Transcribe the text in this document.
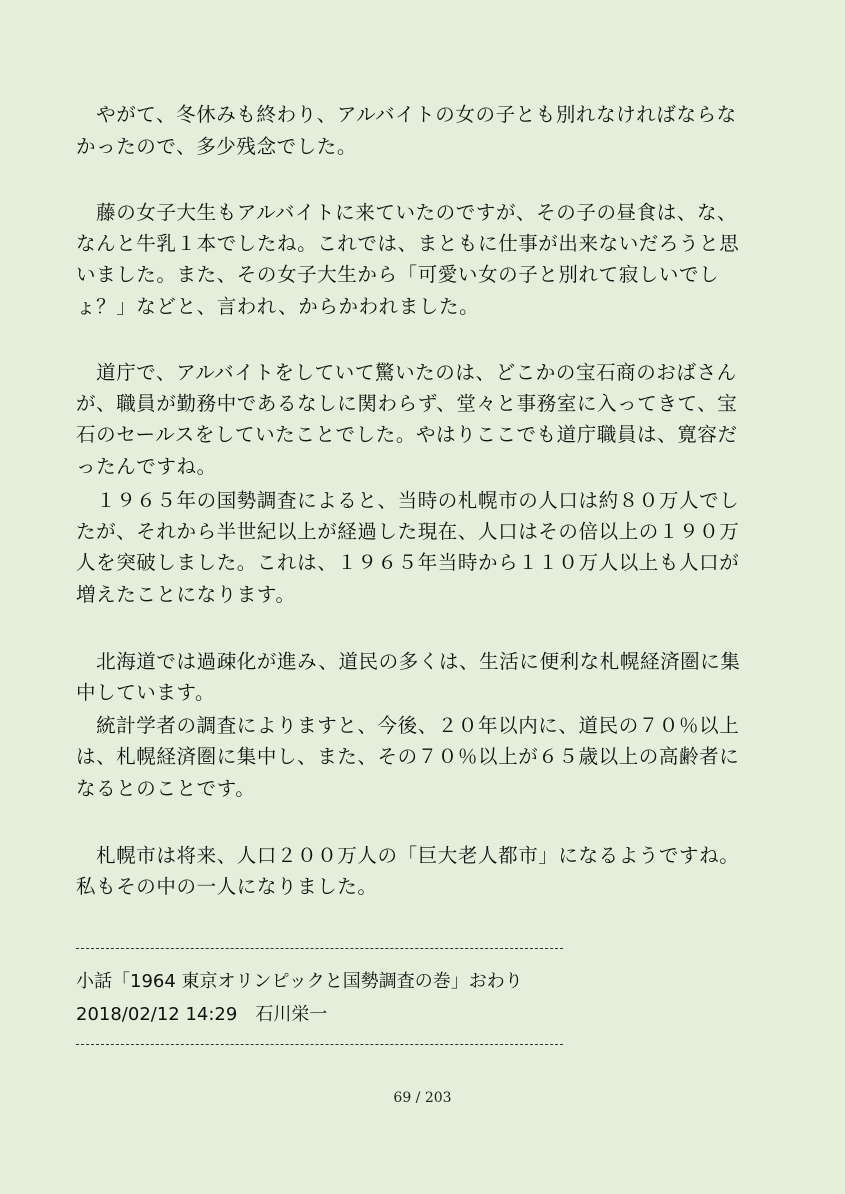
　やがて、冬休みも終わり、アルバイトの女の子とも別れなければならな
かったので、多少残念でした。
　藤の女子大生もアルバイトに来ていたのですが、その子の昼食は、な、
なんと牛乳１本でしたね。これでは、まともに仕事が出来ないだろうと思
いました。また、その女子大生から「可愛い女の子と別れて寂しいでし
ょ？」などと、言われ、からかわれました。
　道庁で、アルバイトをしていて驚いたのは、どこかの宝石商のおばさん
が、職員が勤務中であるなしに関わらず、堂々と事務室に入ってきて、宝
石のセールスをしていたことでした。やはりここでも道庁職員は、寛容だ
ったんですね。
　１９６５年の国勢調査によると、当時の札幌市の人口は約８０万人でし
たが、それから半世紀以上が経過した現在、人口はその倍以上の１９０万
人を突破しました。これは、１９６５年当時から１１０万人以上も人口が
増えたことになります。
　北海道では過疎化が進み、道民の多くは、生活に便利な札幌経済圏に集
中しています。
　統計学者の調査によりますと、今後、２０年以内に、道民の７０％以上
は、札幌経済圏に集中し、また、その７０％以上が６５歳以上の高齢者に
なるとのことです。
　札幌市は将来、人口２００万人の「巨大老人都市」になるようですね。
私もその中の一人になりました。
小話「1964 東京オリンピックと国勢調査の巻」おわり
2018/02/12 14:29　石川栄一
69 / 203
